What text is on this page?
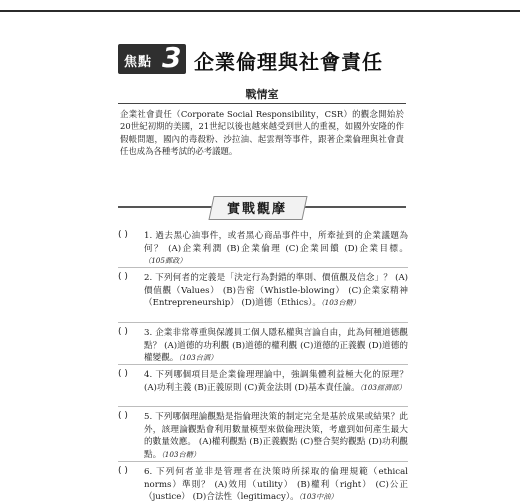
焦點 3 企業倫理與社會責任
戰情室
企業社會責任（Corporate Social Responsibility，CSR）的觀念開始於20世紀初期的美國，21世紀以後也越來越受到世人的重視，如國外安隆的作假帳問題，國內的毒殺粉、沙拉油、起雲劑等事件，跟著企業倫理與社會責任也成為各種考試的必考議題。
實戰觀摩
( ) 1. 過去黑心油事件，或者黑心商品事件中，所牽扯到的企業議題為何？ (A)企業利潤 (B)企業倫理 (C)企業回饋 (D)企業目標。（105郵政）
( ) 2. 下列何者的定義是「決定行為對錯的準則、價值觀及信念」？ (A)價值觀（Values） (B)告密（Whistle-blowing） (C)企業家精神（Entrepreneurship） (D)道德（Ethics）。（103台糖）
( ) 3. 企業非常尊重與保護員工個人隱私權與言論自由，此為何種道德觀點？ (A)道德的功利觀 (B)道德的權利觀 (C)道德的正義觀 (D)道德的權變觀。（103台酒）
( ) 4. 下列哪個項目是企業倫理理論中，強調集體利益極大化的原理？ (A)功利主義 (B)正義原則 (C)黃金法則 (D)基本責任論。（103經濟部）
( ) 5. 下列哪個理論觀點是指倫理決策的制定完全是基於成果或結果？此外，該理論觀點會利用數量模型來做倫理決策，考慮到如何產生最大的數量效應。 (A)權利觀點 (B)正義觀點 (C)整合契約觀點 (D)功利觀點。（103台糖）
( ) 6. 下列何者並非是管理者在決策時所採取的倫理規範（ethical norms）準則？ (A)效用（utility） (B)權利（right） (C)公正（justice） (D)合法性（legitimacy）。（103中油）
